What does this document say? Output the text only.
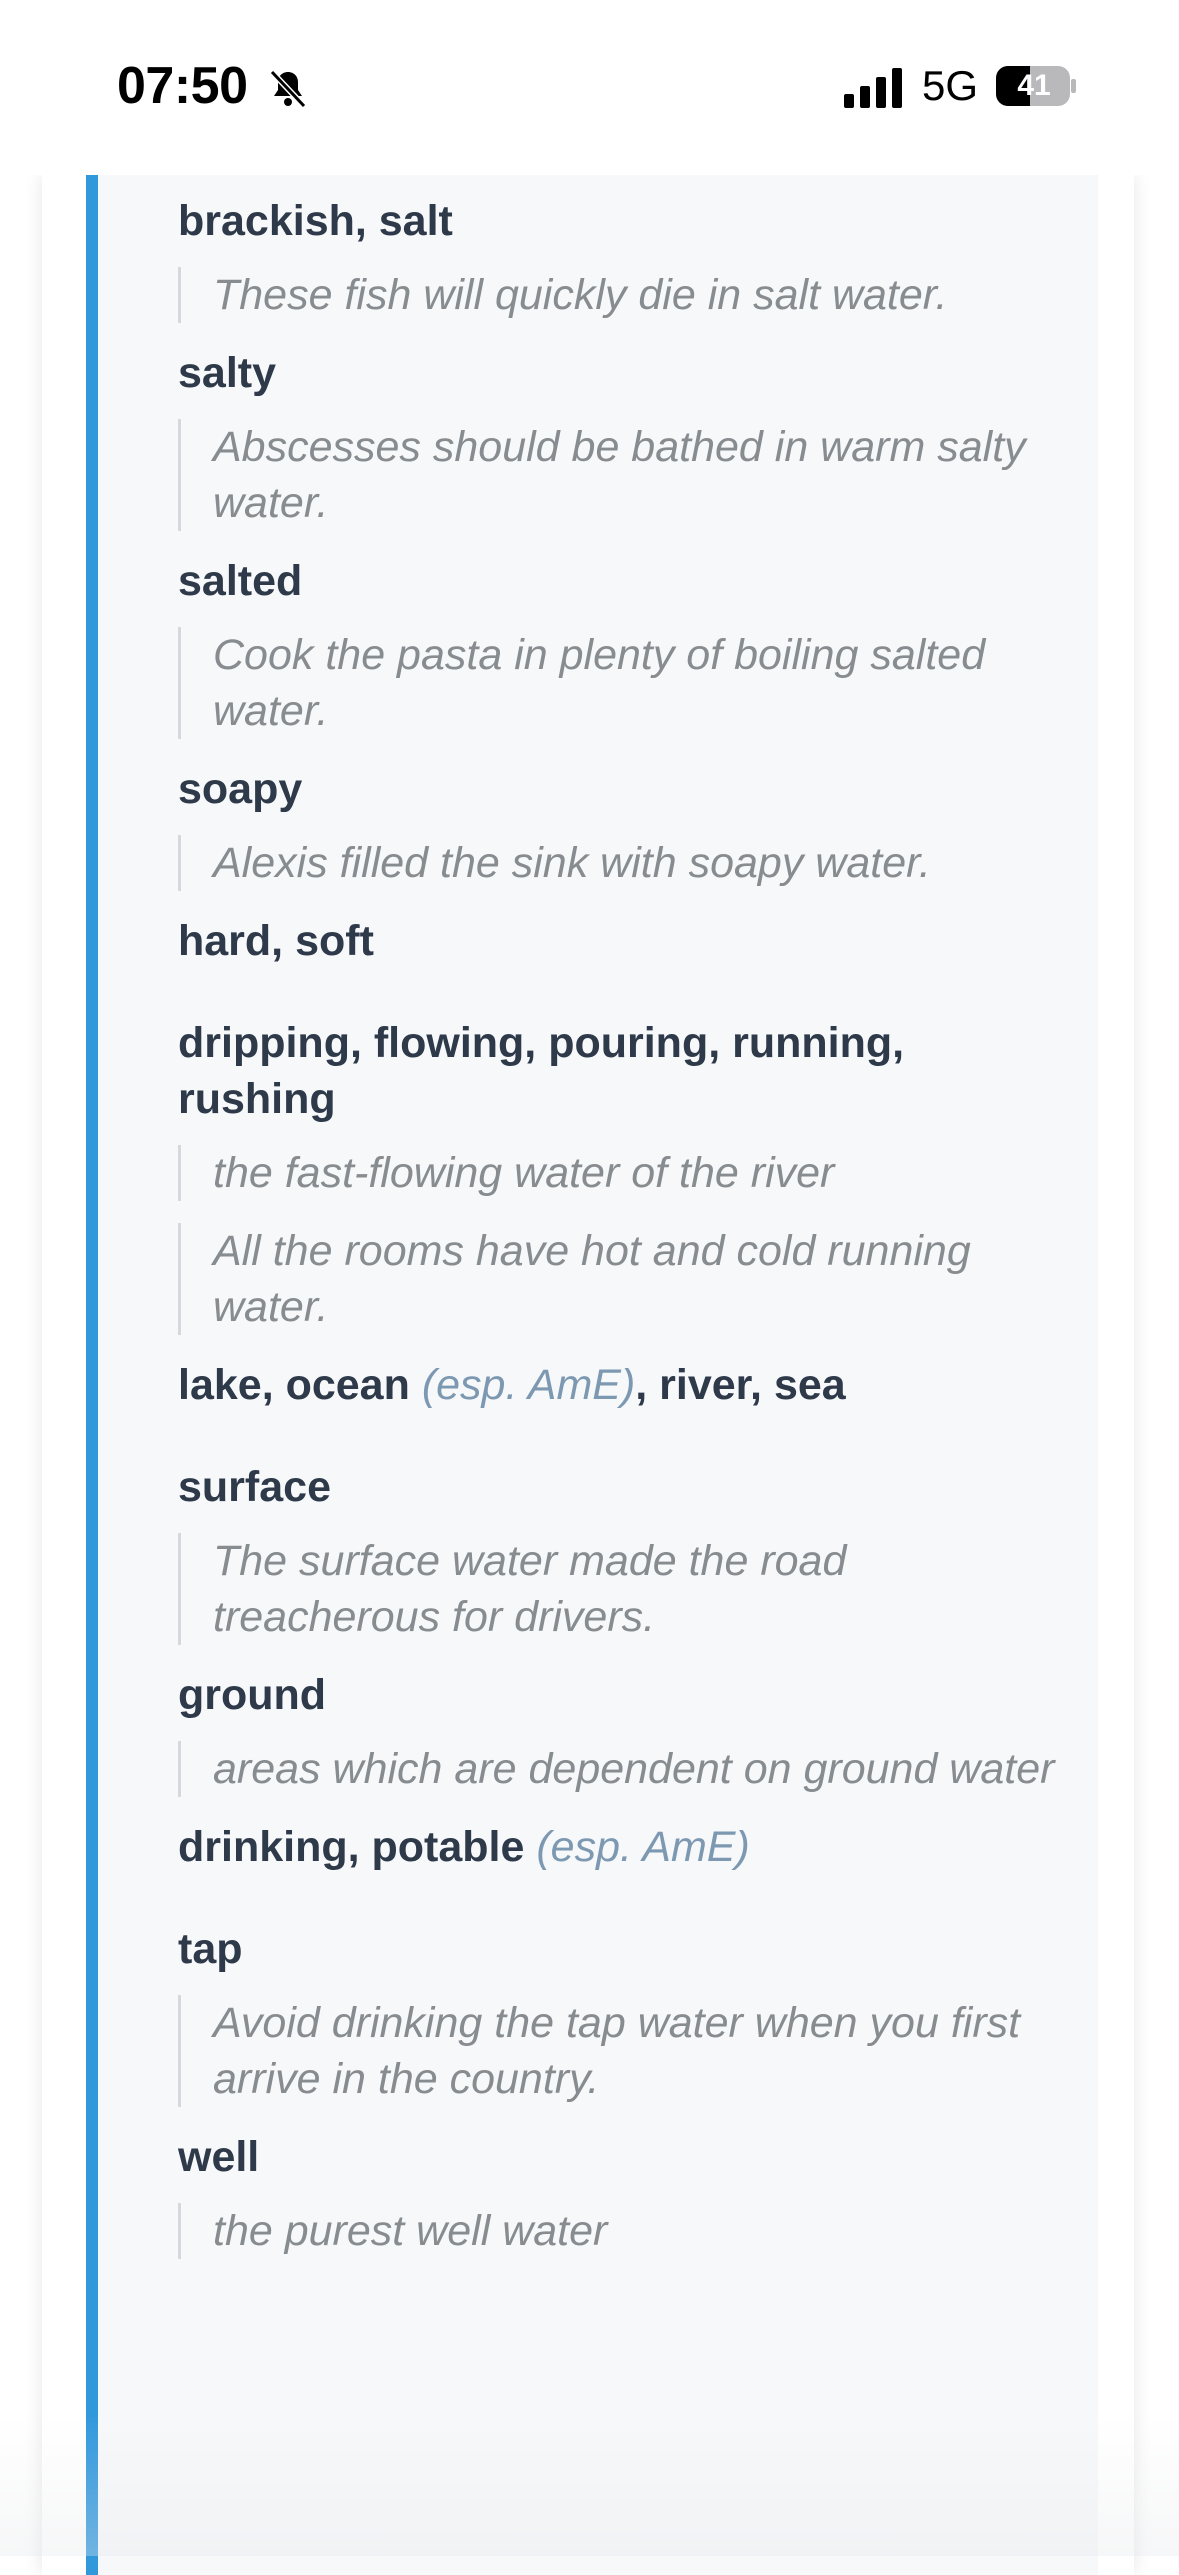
07:50	5G	41
brackish, salt
These fish will quickly die in salt water.
salty
Abscesses should be bathed in warm salty water.
salted
Cook the pasta in plenty of boiling salted water.
soapy
Alexis filled the sink with soapy water.
hard, soft
dripping, flowing, pouring, running, rushing
the fast-flowing water of the river
All the rooms have hot and cold running water.
lake, ocean (esp. AmE), river, sea
surface
The surface water made the road treacherous for drivers.
ground
areas which are dependent on ground water
drinking, potable (esp. AmE)
tap
Avoid drinking the tap water when you first arrive in the country.
well
the purest well water
